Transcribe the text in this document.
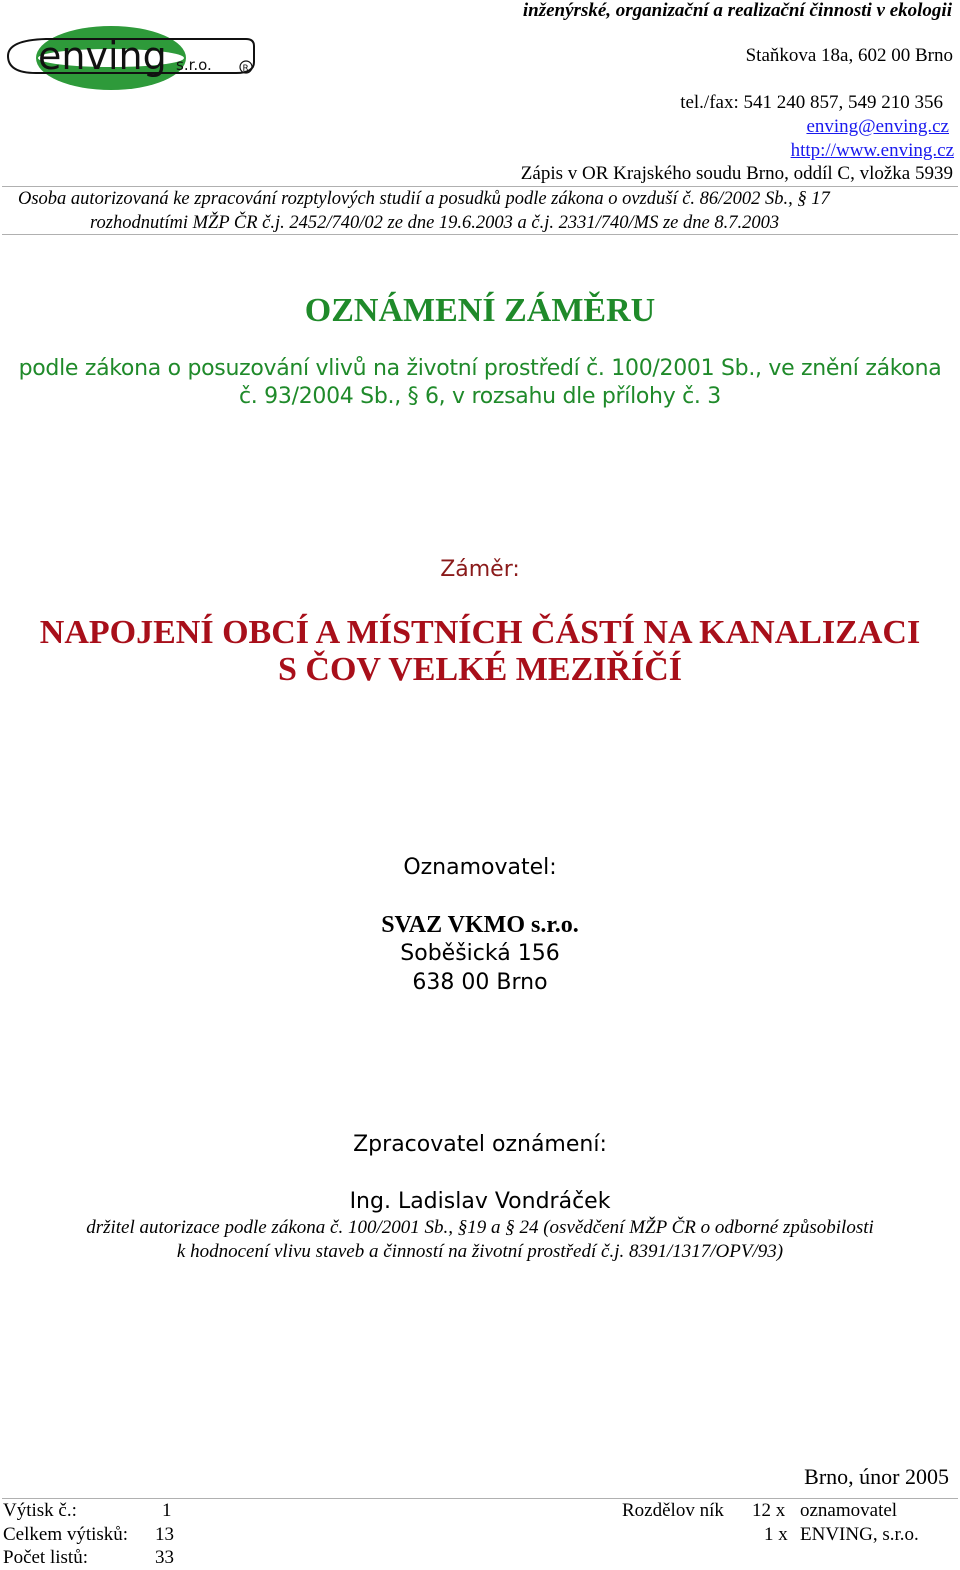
inženýrské, organizační a realizační činnosti v ekologii
enving s.r.o.	R
Staňkova 18a, 602 00 Brno
tel./fax: 541 240 857, 549 210 356
enving@enving.cz
http://www.enving.cz
Zápis v OR Krajského soudu Brno, oddíl C, vložka 5939
Osoba autorizovaná ke zpracování rozptylových studií a posudků podle zákona o ovzduší č. 86/2002 Sb., § 17
rozhodnutími MŽP ČR č.j. 2452/740/02 ze dne 19.6.2003 a č.j. 2331/740/MS ze dne 8.7.2003
OZNÁMENÍ ZÁMĚRU
podle zákona o posuzování vlivů na životní prostředí č. 100/2001 Sb., ve znění zákona
č. 93/2004 Sb., § 6, v rozsahu dle přílohy č. 3
Záměr:
NAPOJENÍ OBCÍ A MÍSTNÍCH ČÁSTÍ NA KANALIZACI
S ČOV VELKÉ MEZIŘÍČÍ
Oznamovatel:
SVAZ VKMO s.r.o.
Soběšická 156
638 00 Brno
Zpracovatel oznámení:
Ing. Ladislav Vondráček
držitel autorizace podle zákona č. 100/2001 Sb., §19 a § 24 (osvědčení MŽP ČR o odborné způsobilosti
k hodnocení vlivu staveb a činností na životní prostředí č.j. 8391/1317/OPV/93)
Brno, únor 2005
Výtisk č.:	1
Celkem výtisků: 13
Počet listů:	33
Rozdělov ník 12 x oznamovatel
1 x ENVING, s.r.o.
